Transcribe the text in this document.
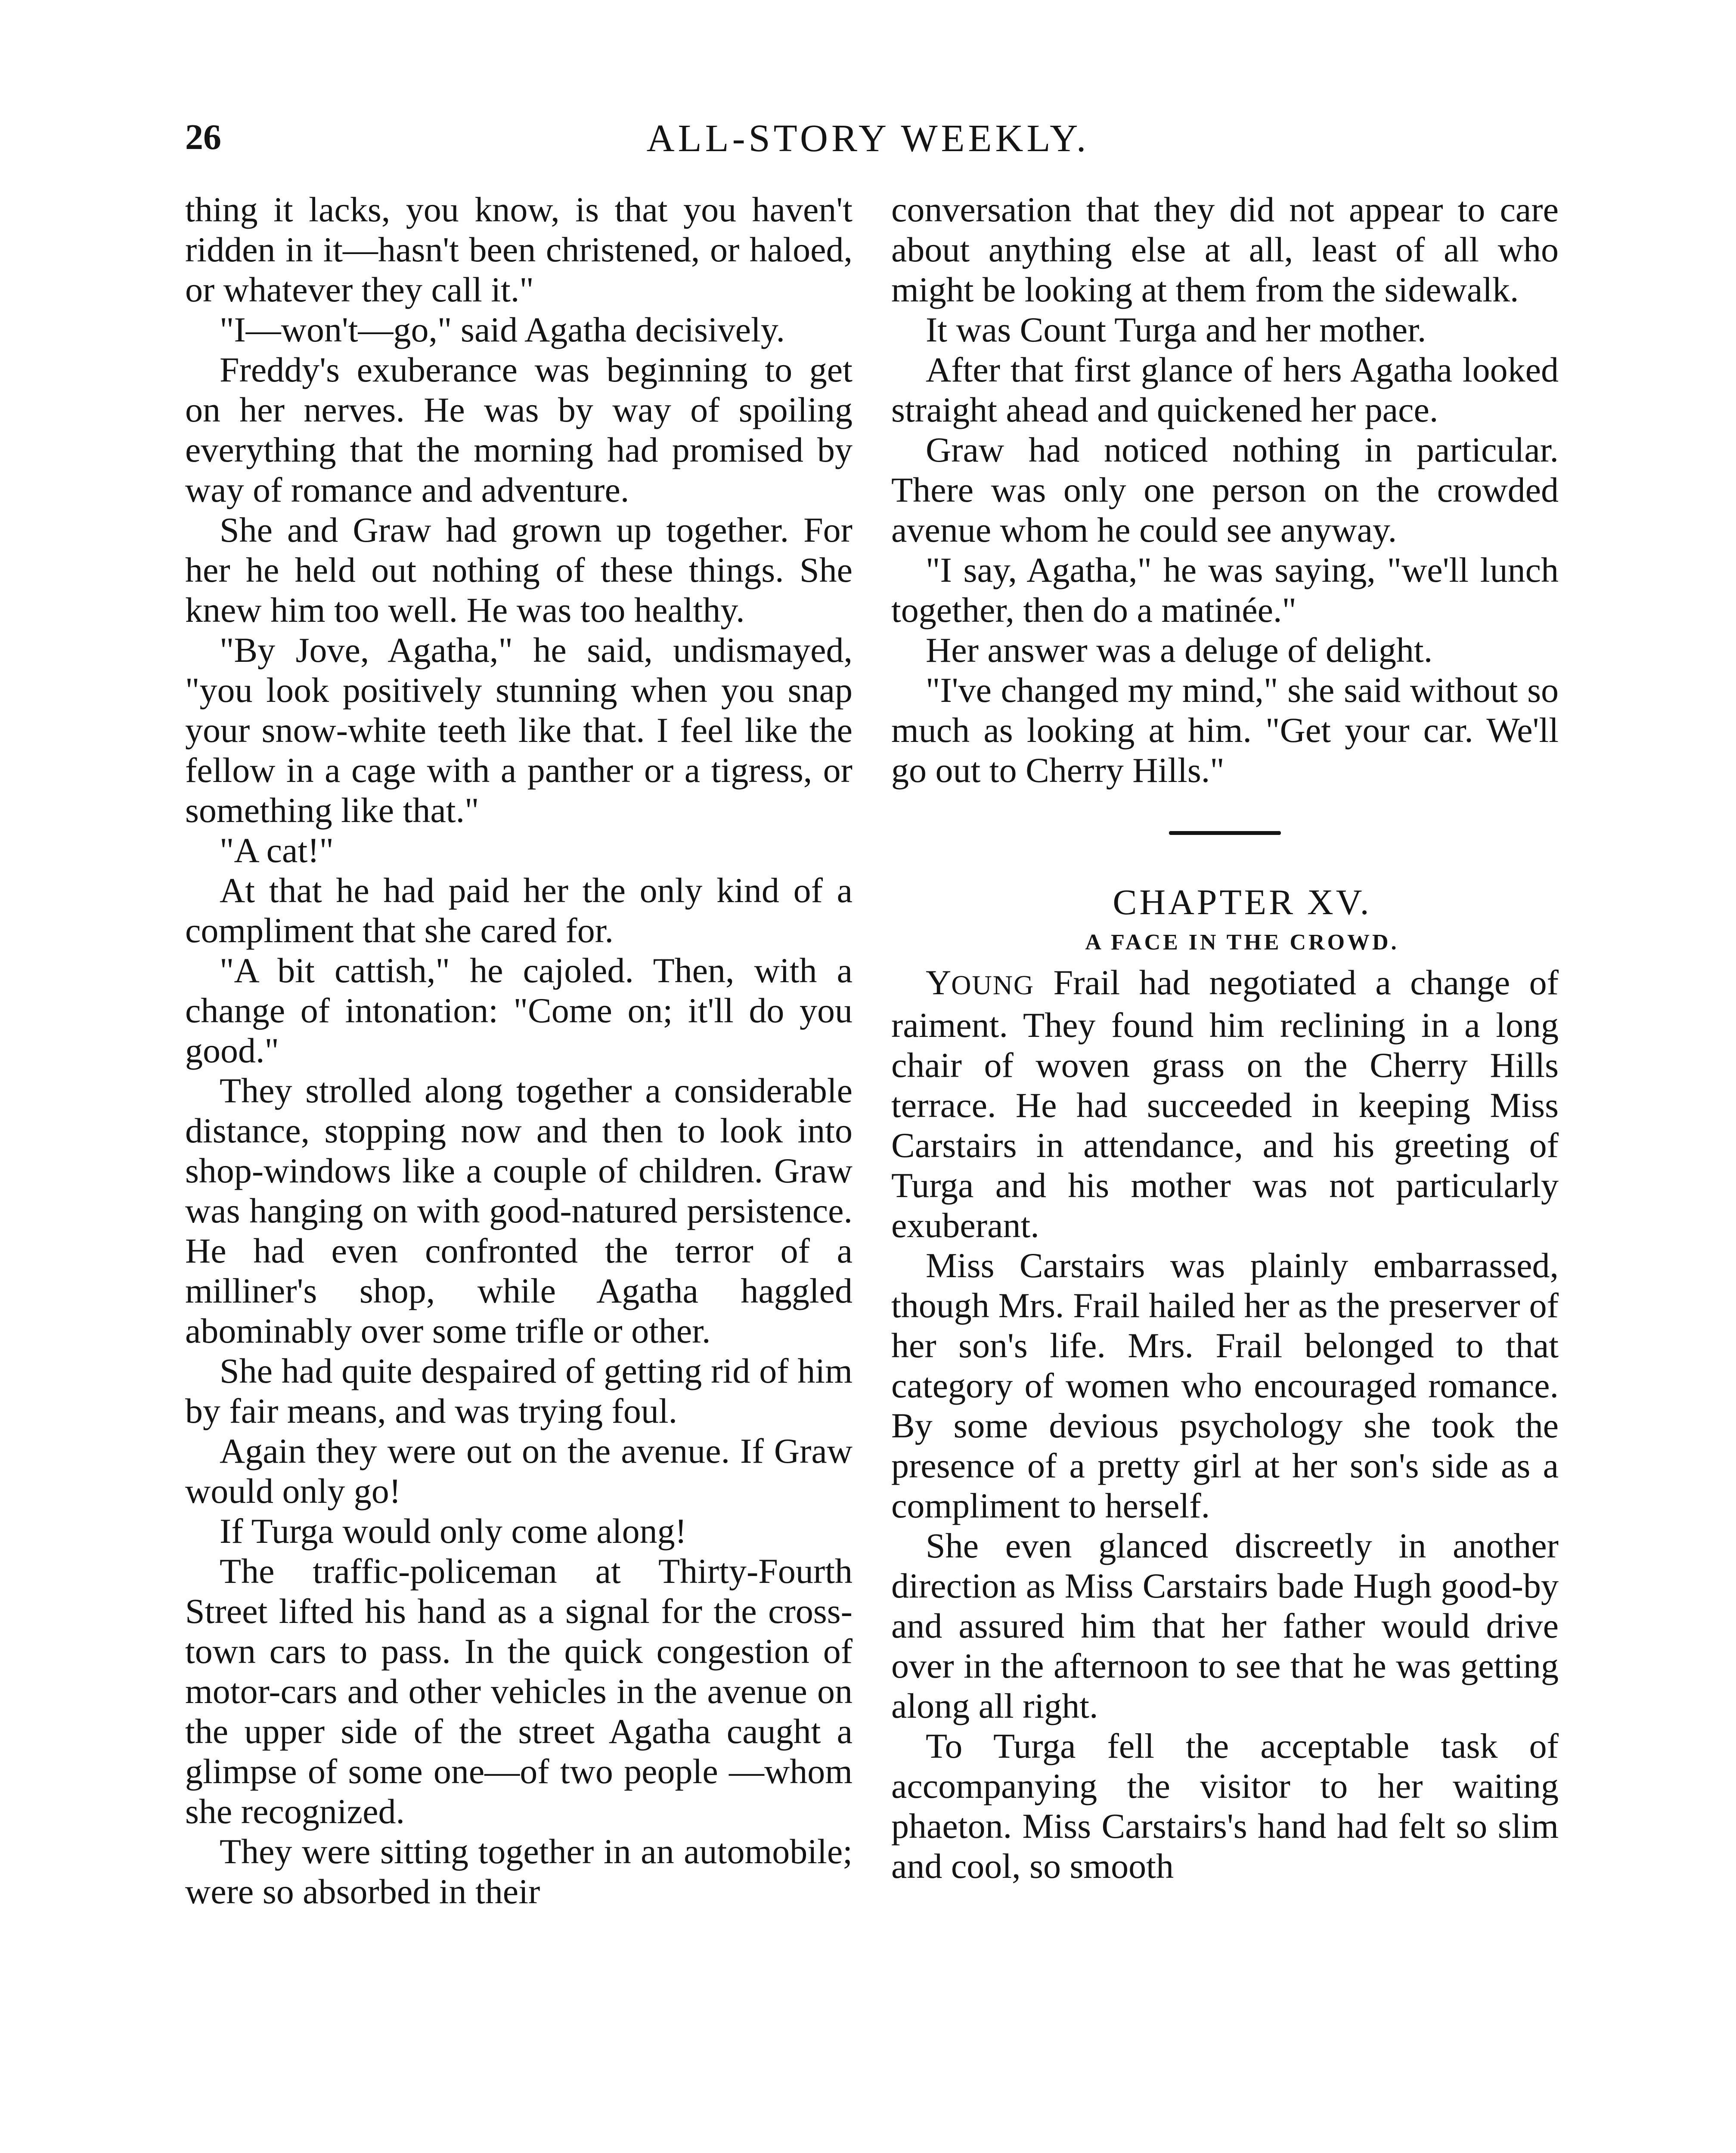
26	ALL-STORY WEEKLY.

thing it lacks, you know, is that you haven't ridden in it—hasn't been christened, or haloed, or whatever they call it."

"I—won't—go," said Agatha decisively.

Freddy's exuberance was beginning to get on her nerves. He was by way of spoiling everything that the morning had promised by way of romance and adventure.

She and Graw had grown up together. For her he held out nothing of these things. She knew him too well. He was too healthy.

"By Jove, Agatha," he said, undismayed, "you look positively stunning when you snap your snow-white teeth like that. I feel like the fellow in a cage with a panther or a tigress, or something like that."

"A cat!"

At that he had paid her the only kind of a compliment that she cared for.

"A bit cattish," he cajoled. Then, with a change of intonation: "Come on; it'll do you good."

They strolled along together a considerable distance, stopping now and then to look into shop-windows like a couple of children. Graw was hanging on with good-natured persistence. He had even confronted the terror of a milliner's shop, while Agatha haggled abominably over some trifle or other.

She had quite despaired of getting rid of him by fair means, and was trying foul.

Again they were out on the avenue. If Graw would only go!

If Turga would only come along!

The traffic-policeman at Thirty-Fourth Street lifted his hand as a signal for the cross-town cars to pass. In the quick congestion of motor-cars and other vehicles in the avenue on the upper side of the street Agatha caught a glimpse of some one—of two people —whom she recognized.

They were sitting together in an automobile; were so absorbed in their

conversation that they did not appear to care about anything else at all, least of all who might be looking at them from the sidewalk.

It was Count Turga and her mother.

After that first glance of hers Agatha looked straight ahead and quickened her pace.

Graw had noticed nothing in particular. There was only one person on the crowded avenue whom he could see anyway.

"I say, Agatha," he was saying, "we'll lunch together, then do a matinée."

Her answer was a deluge of delight.

"I've changed my mind," she said without so much as looking at him. "Get your car. We'll go out to Cherry Hills."

CHAPTER XV.

A FACE IN THE CROWD.

YOUNG Frail had negotiated a change of raiment. They found him reclining in a long chair of woven grass on the Cherry Hills terrace. He had succeeded in keeping Miss Carstairs in attendance, and his greeting of Turga and his mother was not particularly exuberant.

Miss Carstairs was plainly embarrassed, though Mrs. Frail hailed her as the preserver of her son's life. Mrs. Frail belonged to that category of women who encouraged romance. By some devious psychology she took the presence of a pretty girl at her son's side as a compliment to herself.

She even glanced discreetly in another direction as Miss Carstairs bade Hugh good-by and assured him that her father would drive over in the afternoon to see that he was getting along all right.

To Turga fell the acceptable task of accompanying the visitor to her waiting phaeton. Miss Carstairs's hand had felt so slim and cool, so smooth
